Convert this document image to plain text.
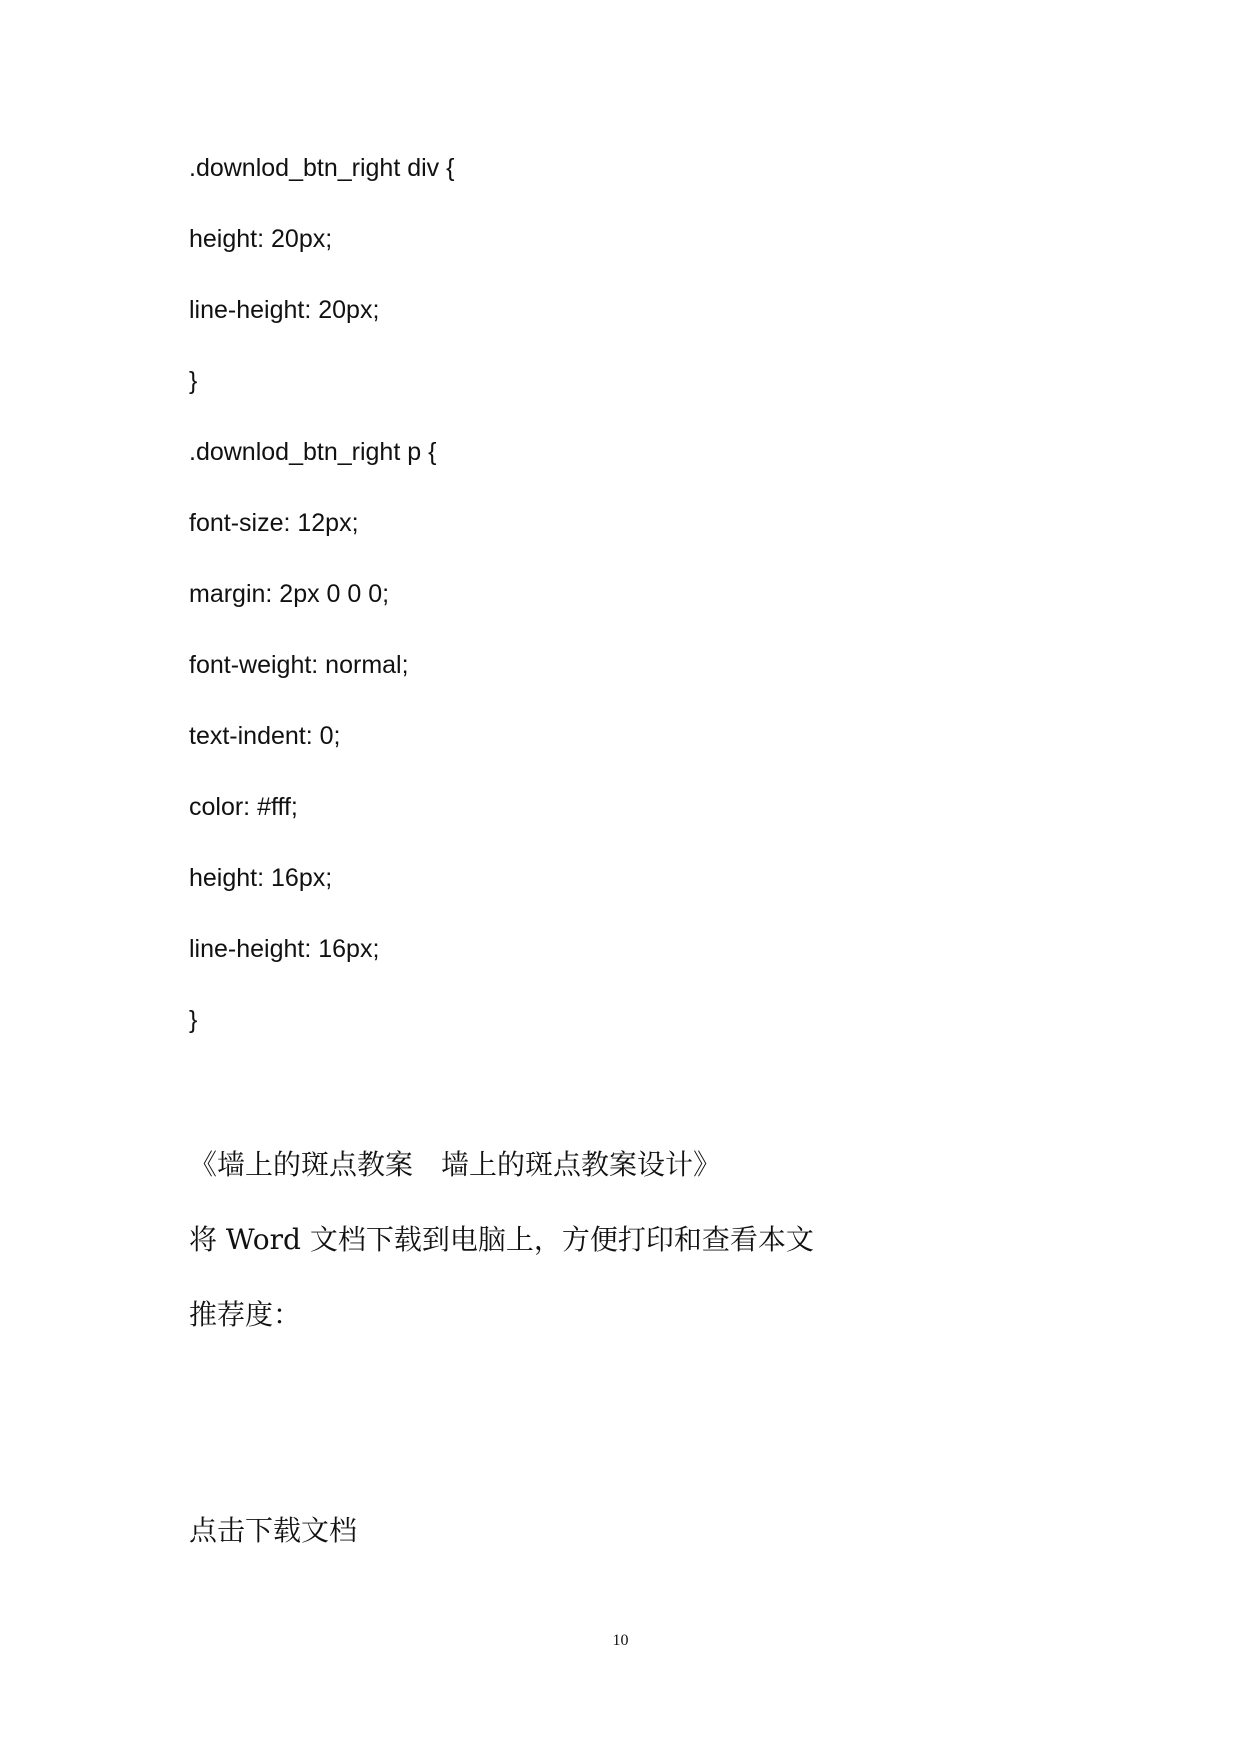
.downlod_btn_right div {
height: 20px;
line-height: 20px;
}
.downlod_btn_right p {
font-size: 12px;
margin: 2px 0 0 0;
font-weight: normal;
text-indent: 0;
color: #fff;
height: 16px;
line-height: 16px;
}
《墙上的斑点教案　墙上的斑点教案设计》
将 Word 文档下载到电脑上，方便打印和查看本文
推荐度：
点击下载文档
10
